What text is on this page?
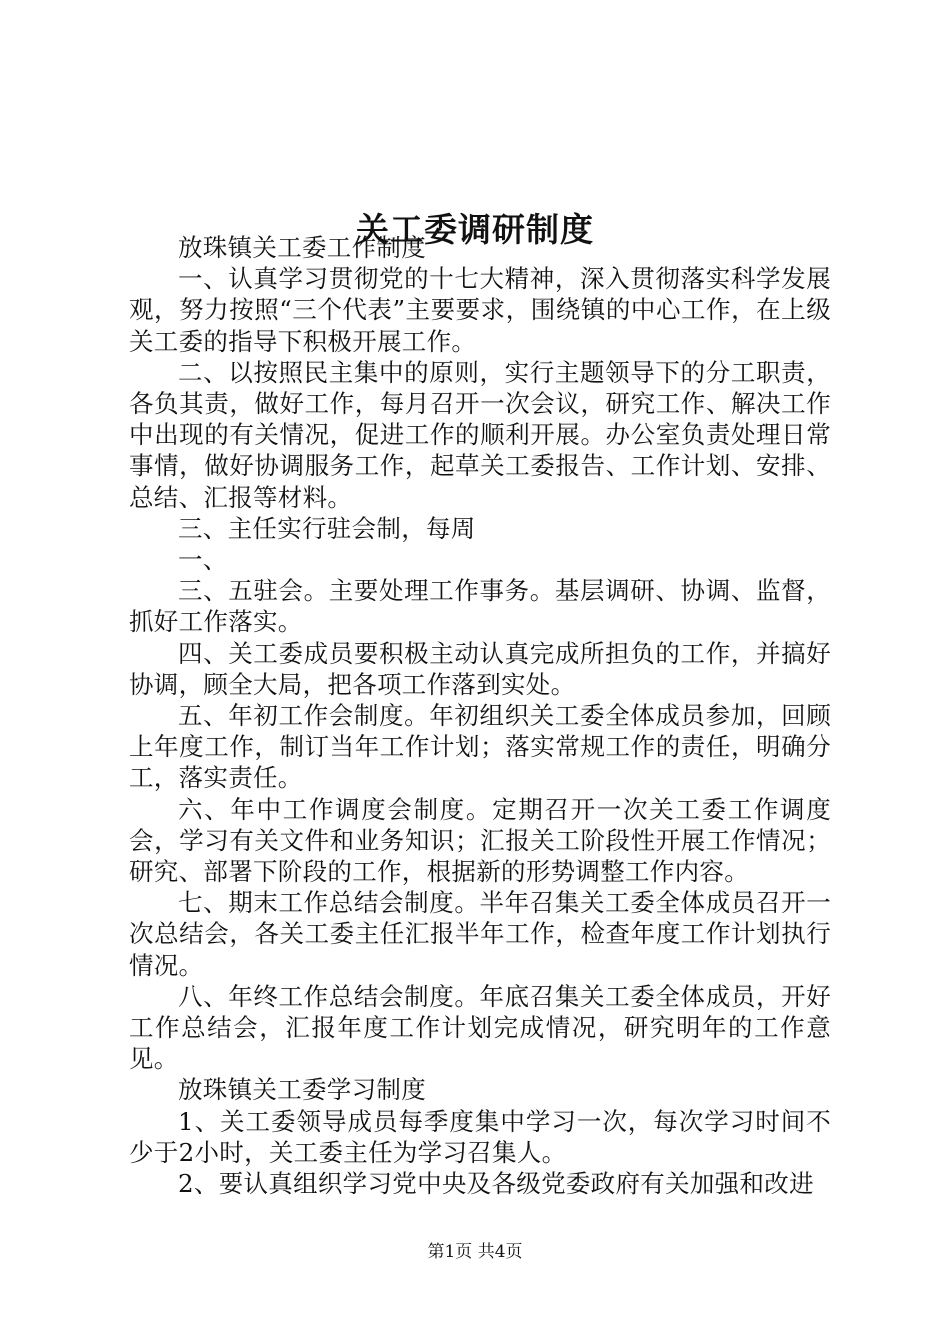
关工委调研制度

放珠镇关工委工作制度

一、认真学习贯彻党的十七大精神，深入贯彻落实科学发展观，努力按照“三个代表”主要要求，围绕镇的中心工作，在上级关工委的指导下积极开展工作。

二、以按照民主集中的原则，实行主题领导下的分工职责，各负其责，做好工作，每月召开一次会议，研究工作、解决工作中出现的有关情况，促进工作的顺利开展。办公室负责处理日常事情，做好协调服务工作，起草关工委报告、工作计划、安排、总结、汇报等材料。

三、主任实行驻会制，每周

一、

三、五驻会。主要处理工作事务。基层调研、协调、监督，抓好工作落实。

四、关工委成员要积极主动认真完成所担负的工作，并搞好协调，顾全大局，把各项工作落到实处。

五、年初工作会制度。年初组织关工委全体成员参加，回顾上年度工作，制订当年工作计划；落实常规工作的责任，明确分工，落实责任。

六、年中工作调度会制度。定期召开一次关工委工作调度会，学习有关文件和业务知识；汇报关工阶段性开展工作情况；研究、部署下阶段的工作，根据新的形势调整工作内容。

七、期末工作总结会制度。半年召集关工委全体成员召开一次总结会，各关工委主任汇报半年工作，检查年度工作计划执行情况。

八、年终工作总结会制度。年底召集关工委全体成员，开好工作总结会，汇报年度工作计划完成情况，研究明年的工作意见。

放珠镇关工委学习制度

1、关工委领导成员每季度集中学习一次，每次学习时间不少于2小时，关工委主任为学习召集人。

2、要认真组织学习党中央及各级党委政府有关加强和改进

第1页 共4页
